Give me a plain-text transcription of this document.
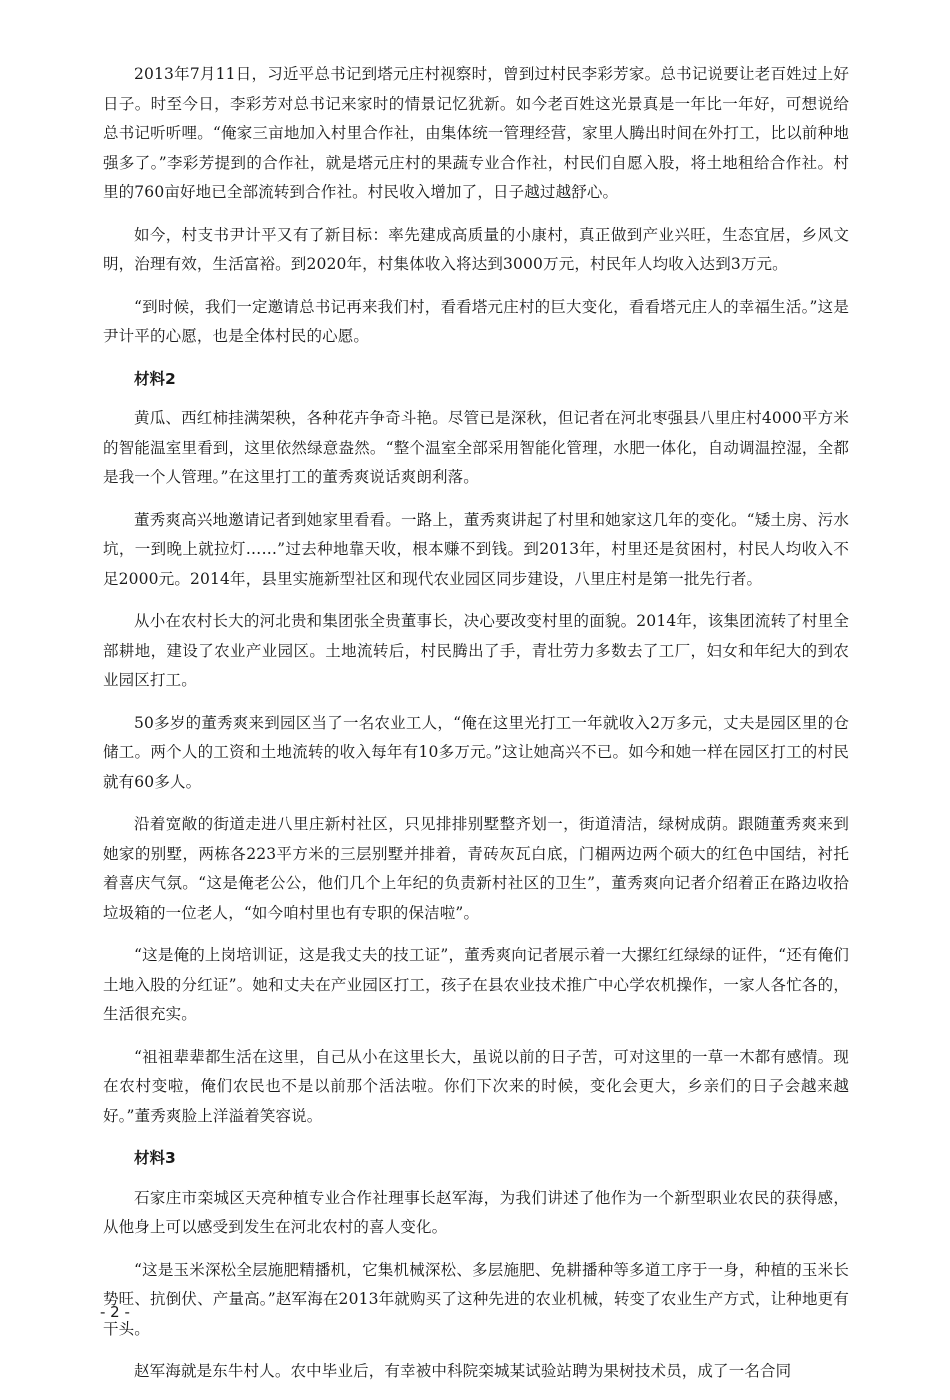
2013年7月11日，习近平总书记到塔元庄村视察时，曾到过村民李彩芳家。总书记说要让老百姓过上好日子。时至今日，李彩芳对总书记来家时的情景记忆犹新。如今老百姓这光景真是一年比一年好，可想说给总书记听听哩。“俺家三亩地加入村里合作社，由集体统一管理经营，家里人腾出时间在外打工，比以前种地强多了。”李彩芳提到的合作社，就是塔元庄村的果蔬专业合作社，村民们自愿入股，将土地租给合作社。村里的760亩好地已全部流转到合作社。村民收入增加了，日子越过越舒心。

如今，村支书尹计平又有了新目标：率先建成高质量的小康村，真正做到产业兴旺，生态宜居，乡风文明，治理有效，生活富裕。到2020年，村集体收入将达到3000万元，村民年人均收入达到3万元。

“到时候，我们一定邀请总书记再来我们村，看看塔元庄村的巨大变化，看看塔元庄人的幸福生活。”这是尹计平的心愿，也是全体村民的心愿。

材料2

黄瓜、西红柿挂满架秧，各种花卉争奇斗艳。尽管已是深秋，但记者在河北枣强县八里庄村4000平方米的智能温室里看到，这里依然绿意盎然。“整个温室全部采用智能化管理，水肥一体化，自动调温控湿，全都是我一个人管理。”在这里打工的董秀爽说话爽朗利落。

董秀爽高兴地邀请记者到她家里看看。一路上，董秀爽讲起了村里和她家这几年的变化。“矮土房、污水坑，一到晚上就拉灯……”过去种地靠天收，根本赚不到钱。到2013年，村里还是贫困村，村民人均收入不足2000元。2014年，县里实施新型社区和现代农业园区同步建设，八里庄村是第一批先行者。

从小在农村长大的河北贵和集团张全贵董事长，决心要改变村里的面貌。2014年，该集团流转了村里全部耕地，建设了农业产业园区。土地流转后，村民腾出了手，青壮劳力多数去了工厂，妇女和年纪大的到农业园区打工。

50多岁的董秀爽来到园区当了一名农业工人，“俺在这里光打工一年就收入2万多元，丈夫是园区里的仓储工。两个人的工资和土地流转的收入每年有10多万元。”这让她高兴不已。如今和她一样在园区打工的村民就有60多人。

沿着宽敞的街道走进八里庄新村社区，只见排排别墅整齐划一，街道清洁，绿树成荫。跟随董秀爽来到她家的别墅，两栋各223平方米的三层别墅并排着，青砖灰瓦白底，门楣两边两个硕大的红色中国结，衬托着喜庆气氛。“这是俺老公公，他们几个上年纪的负责新村社区的卫生”，董秀爽向记者介绍着正在路边收拾垃圾箱的一位老人，“如今咱村里也有专职的保洁啦”。

“这是俺的上岗培训证，这是我丈夫的技工证”，董秀爽向记者展示着一大摞红红绿绿的证件，“还有俺们土地入股的分红证”。她和丈夫在产业园区打工，孩子在县农业技术推广中心学农机操作，一家人各忙各的，生活很充实。

“祖祖辈辈都生活在这里，自己从小在这里长大，虽说以前的日子苦，可对这里的一草一木都有感情。现在农村变啦，俺们农民也不是以前那个活法啦。你们下次来的时候，变化会更大，乡亲们的日子会越来越好。”董秀爽脸上洋溢着笑容说。

材料3

石家庄市栾城区天亮种植专业合作社理事长赵军海，为我们讲述了他作为一个新型职业农民的获得感，从他身上可以感受到发生在河北农村的喜人变化。

“这是玉米深松全层施肥精播机，它集机械深松、多层施肥、免耕播种等多道工序于一身，种植的玉米长势旺、抗倒伏、产量高。”赵军海在2013年就购买了这种先进的农业机械，转变了农业生产方式，让种地更有干头。

赵军海就是东牛村人。农中毕业后，有幸被中科院栾城某试验站聘为果树技术员，成了一名合同

- 2 -
